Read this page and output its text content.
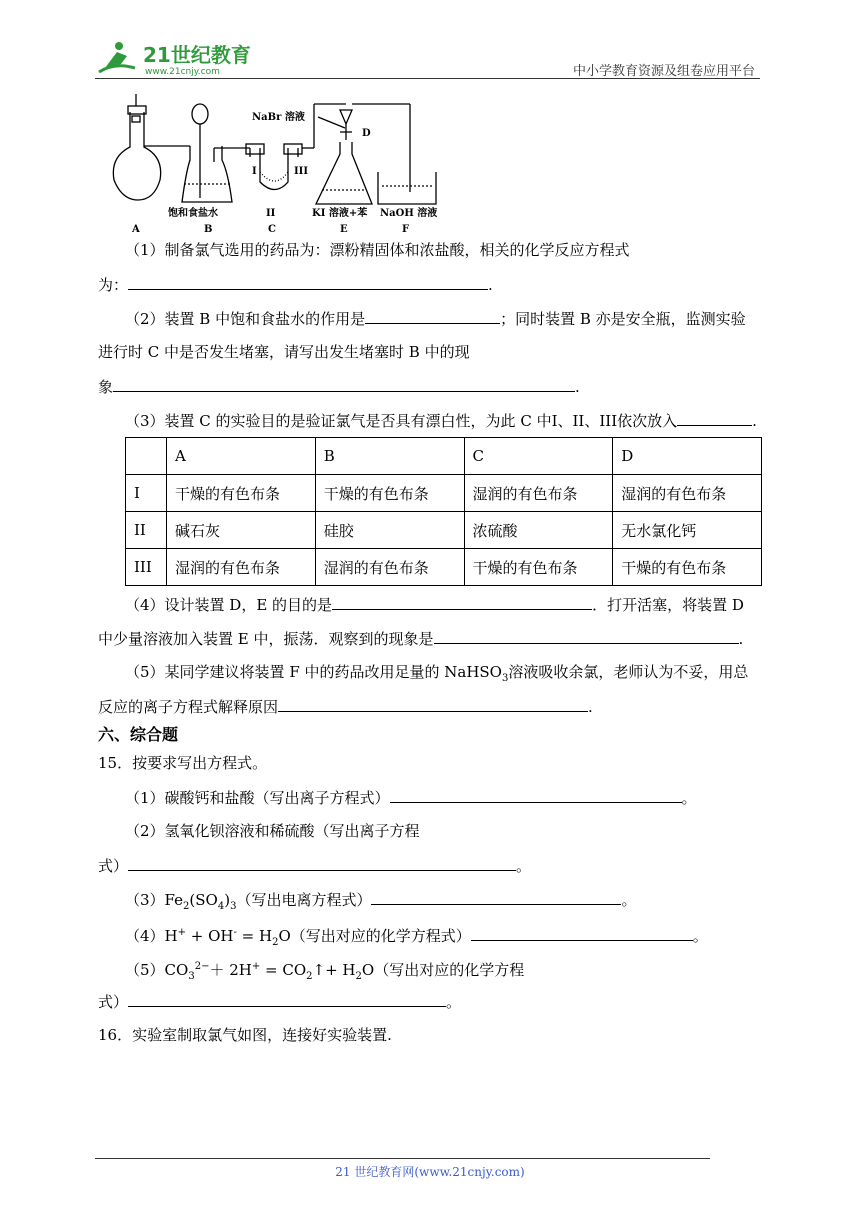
21世纪教育
www.21cnjy.com	中小学教育资源及组卷应用平台
NaBr 溶液
D
I	III
饱和食盐水	II	KI 溶液+苯 NaOH 溶液
A	B	C	E	F
（1）制备氯气选用的药品为：漂粉精固体和浓盐酸，相关的化学反应方程式
为：	.
（2）装置 B 中饱和食盐水的作用是	；同时装置 B 亦是安全瓶，监测实验
进行时 C 中是否发生堵塞，请写出发生堵塞时 B 中的现
象	.
（3）装置 C 的实验目的是验证氯气是否具有漂白性，为此 C 中I、II、III依次放入	.
	A	B	C	D
I	干燥的有色布条	干燥的有色布条	湿润的有色布条	湿润的有色布条
II	碱石灰	硅胶	浓硫酸	无水氯化钙
III	湿润的有色布条	湿润的有色布条	干燥的有色布条	干燥的有色布条
（4）设计装置 D，E 的目的是	．打开活塞，将装置 D
中少量溶液加入装置 E 中，振荡．观察到的现象是	.
（5）某同学建议将装置 F 中的药品改用足量的 NaHSO$_3$溶液吸收余氯，老师认为不妥，用总
反应的离子方程式解释原因	.
六、综合题
15．按要求写出方程式。
（1）碳酸钙和盐酸（写出离子方程式）	。
（2）氢氧化钡溶液和稀硫酸（写出离子方程
式）	。
$(3)Fe_2(SO_4)_3$（写出电离方程式）	。
$(4)H^+ + OH^- = H_2O$（写出对应的化学方程式）	。
$(5)CO_3^{2-}+ 2H^+$ = $CO_2↑+ H_2O$（写出对应的化学方程
式）	。
16．实验室制取氯气如图，连接好实验装置.
21 世纪教育网(www.21cnjy.com)
